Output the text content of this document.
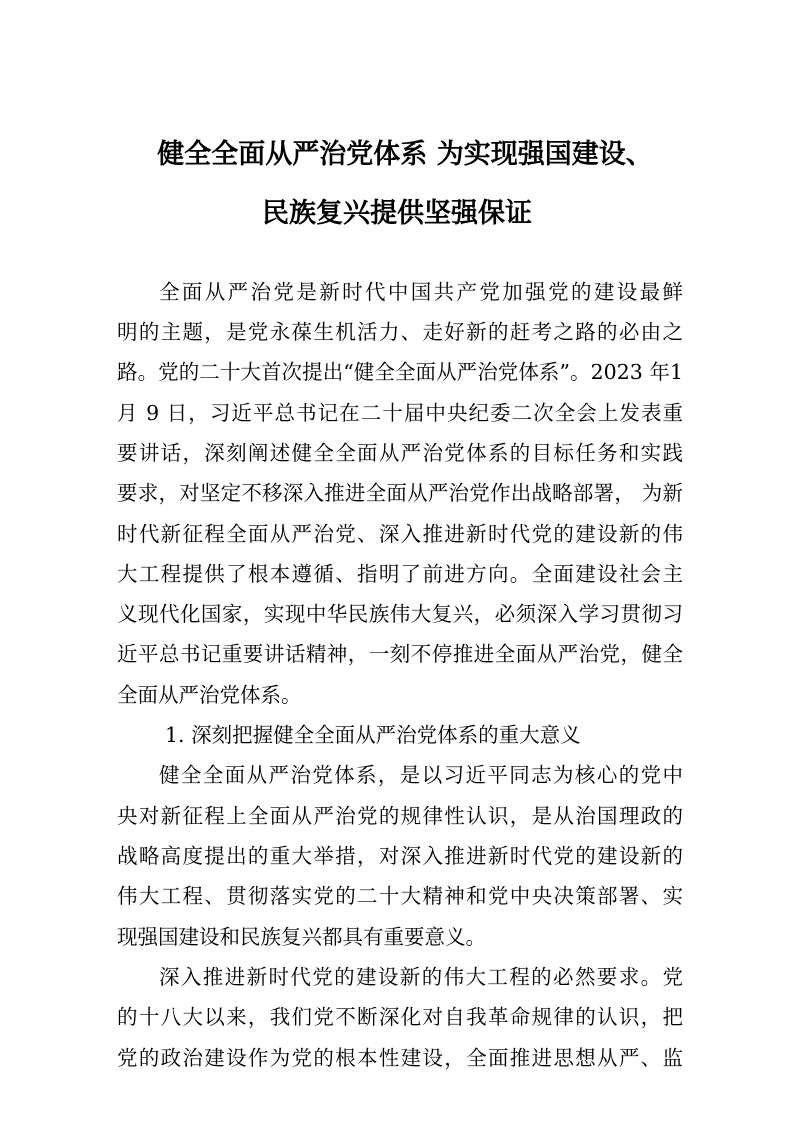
健全全面从严治党体系 为实现强国建设、
民族复兴提供坚强保证
全面从严治党是新时代中国共产党加强党的建设最鲜
明的主题，是党永葆生机活力、走好新的赶考之路的必由之
路。党的二十大首次提出“健全全面从严治党体系”。2023 年1
月 9 日，习近平总书记在二十届中央纪委二次全会上发表重
要讲话，深刻阐述健全全面从严治党体系的目标任务和实践
要求，对坚定不移深入推进全面从严治党作出战略部署， 为新
时代新征程全面从严治党、深入推进新时代党的建设新的伟
大工程提供了根本遵循、指明了前进方向。全面建设社会主
义现代化国家，实现中华民族伟大复兴，必须深入学习贯彻习
近平总书记重要讲话精神，一刻不停推进全面从严治党，健全
全面从严治党体系。
1. 深刻把握健全全面从严治党体系的重大意义
健全全面从严治党体系，是以习近平同志为核心的党中
央对新征程上全面从严治党的规律性认识，是从治国理政的
战略高度提出的重大举措，对深入推进新时代党的建设新的
伟大工程、贯彻落实党的二十大精神和党中央决策部署、实
现强国建设和民族复兴都具有重要意义。
深入推进新时代党的建设新的伟大工程的必然要求。党
的十八大以来，我们党不断深化对自我革命规律的认识，把
党的政治建设作为党的根本性建设，全面推进思想从严、监
